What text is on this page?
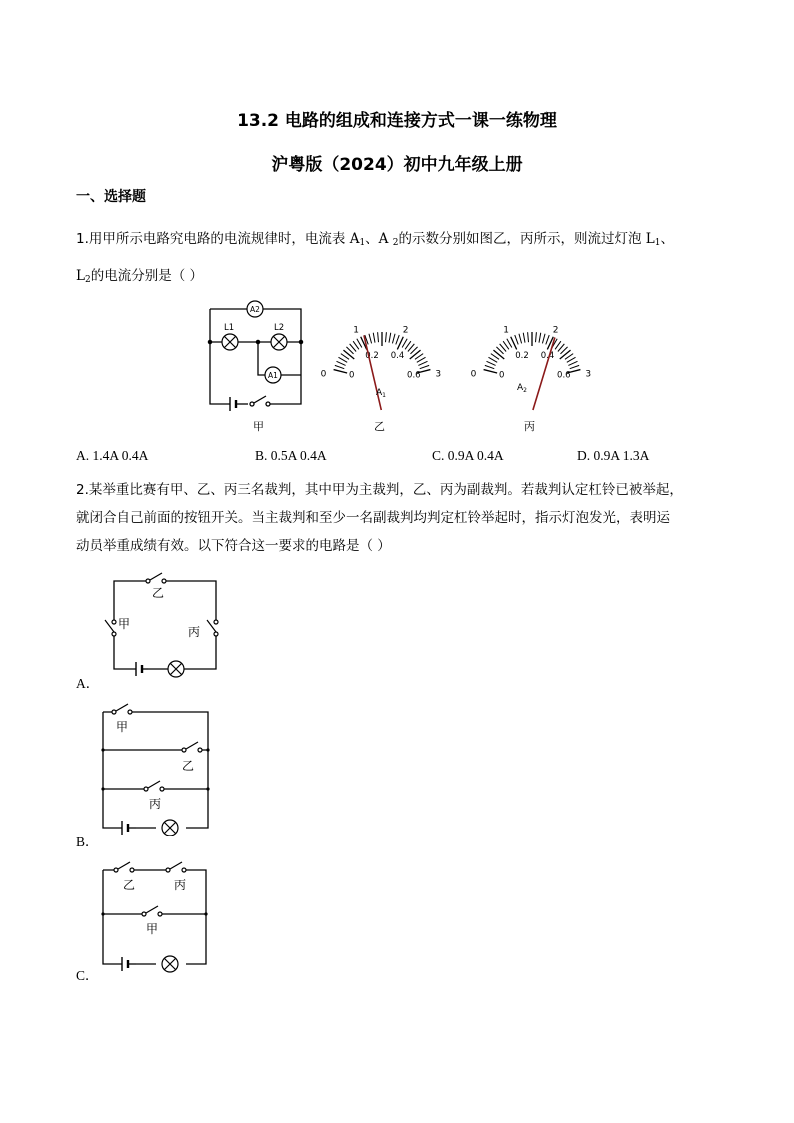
13.2 电路的组成和连接方式一课一练物理
沪粤版（2024）初中九年级上册
一、选择题
1.用甲所示电路究电路的电流规律时，电流表 $A_1$、A $_2$的示数分别如图乙，丙所示，则流过灯泡 $L_1$、
$L_2$的电流分别是（ ）
A2
L1	L2
A1
甲
0
1	2
3
0
0.2 0.4
0.6
乙
$A_1$
0
1	2
3
0
0.2 0.4
0.6
丙
$A_2$
A. 1.4A 0.4A	B. 0.5A 0.4A	C. 0.9A 0.4A	D. 0.9A 1.3A
2.某举重比赛有甲、乙、丙三名裁判，其中甲为主裁判，乙、丙为副裁判。若裁判认定杠铃已被举起，
就闭合自己前面的按钮开关。当主裁判和至少一名副裁判均判定杠铃举起时，指示灯泡发光，表明运
动员举重成绩有效。以下符合这一要求的电路是（ ）
A．
乙
甲
丙
B．
甲
乙
丙
C．
乙	丙
甲
